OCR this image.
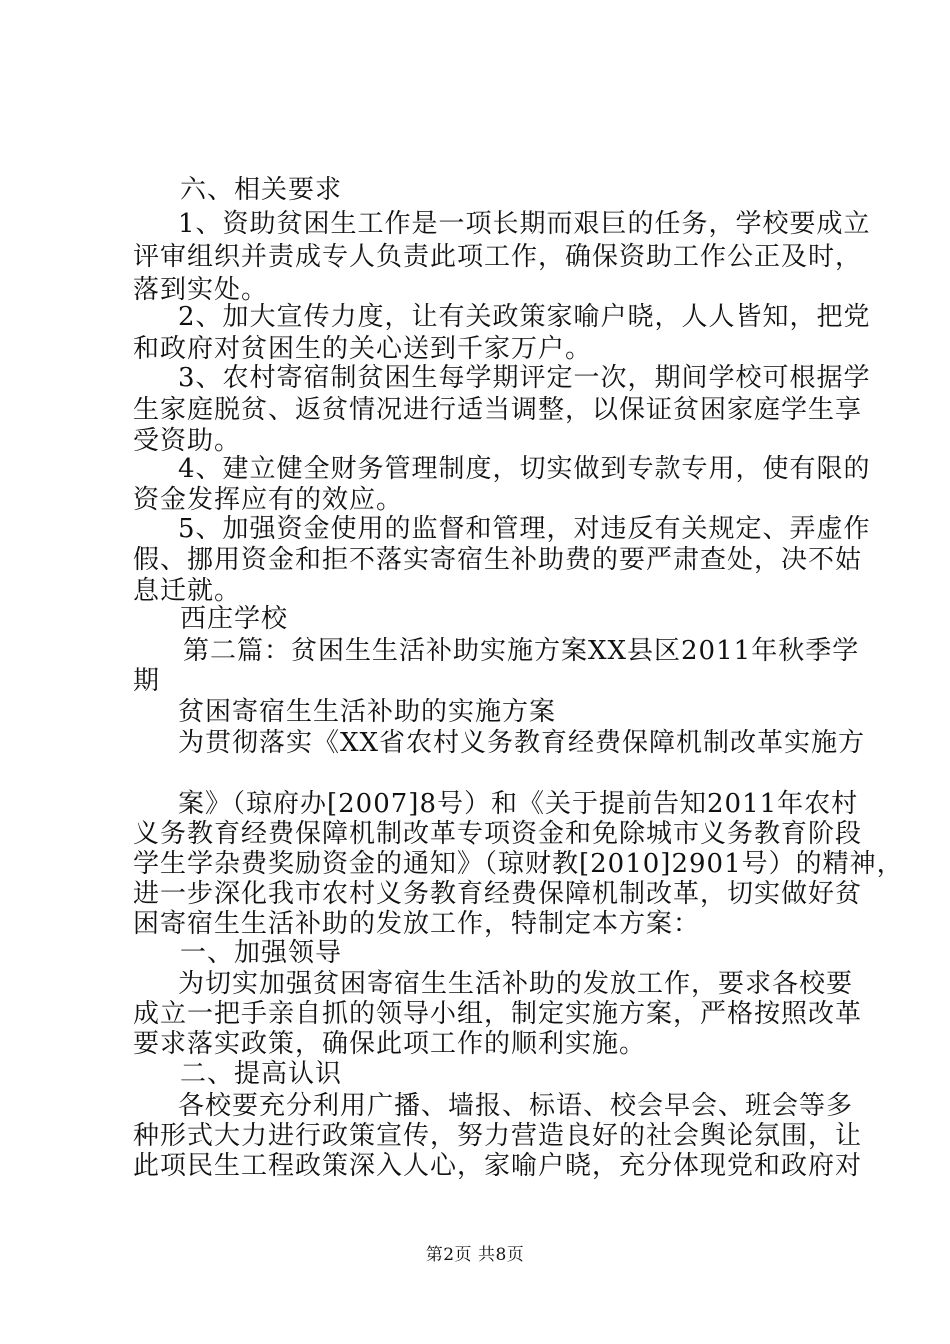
六、相关要求
1、资助贫困生工作是一项长期而艰巨的任务，学校要成立
评审组织并责成专人负责此项工作，确保资助工作公正及时，
落到实处。
2、加大宣传力度，让有关政策家喻户晓，人人皆知，把党
和政府对贫困生的关心送到千家万户。
3、农村寄宿制贫困生每学期评定一次，期间学校可根据学
生家庭脱贫、返贫情况进行适当调整，以保证贫困家庭学生享
受资助。
4、建立健全财务管理制度，切实做到专款专用，使有限的
资金发挥应有的效应。
5、加强资金使用的监督和管理，对违反有关规定、弄虚作
假、挪用资金和拒不落实寄宿生补助费的要严肃查处，决不姑
息迁就。
西庄学校
第二篇：贫困生生活补助实施方案XX县区2011年秋季学
期
贫困寄宿生生活补助的实施方案
为贯彻落实《XX省农村义务教育经费保障机制改革实施方
案》（琼府办[2007]8号）和《关于提前告知2011年农村
义务教育经费保障机制改革专项资金和免除城市义务教育阶段
学生学杂费奖励资金的通知》（琼财教[2010]2901号）的精神，
进一步深化我市农村义务教育经费保障机制改革，切实做好贫
困寄宿生生活补助的发放工作，特制定本方案：
一、加强领导
为切实加强贫困寄宿生生活补助的发放工作，要求各校要
成立一把手亲自抓的领导小组，制定实施方案，严格按照改革
要求落实政策，确保此项工作的顺利实施。
二、提高认识
各校要充分利用广播、墙报、标语、校会早会、班会等多
种形式大力进行政策宣传，努力营造良好的社会舆论氛围，让
此项民生工程政策深入人心，家喻户晓，充分体现党和政府对
第2页 共8页
